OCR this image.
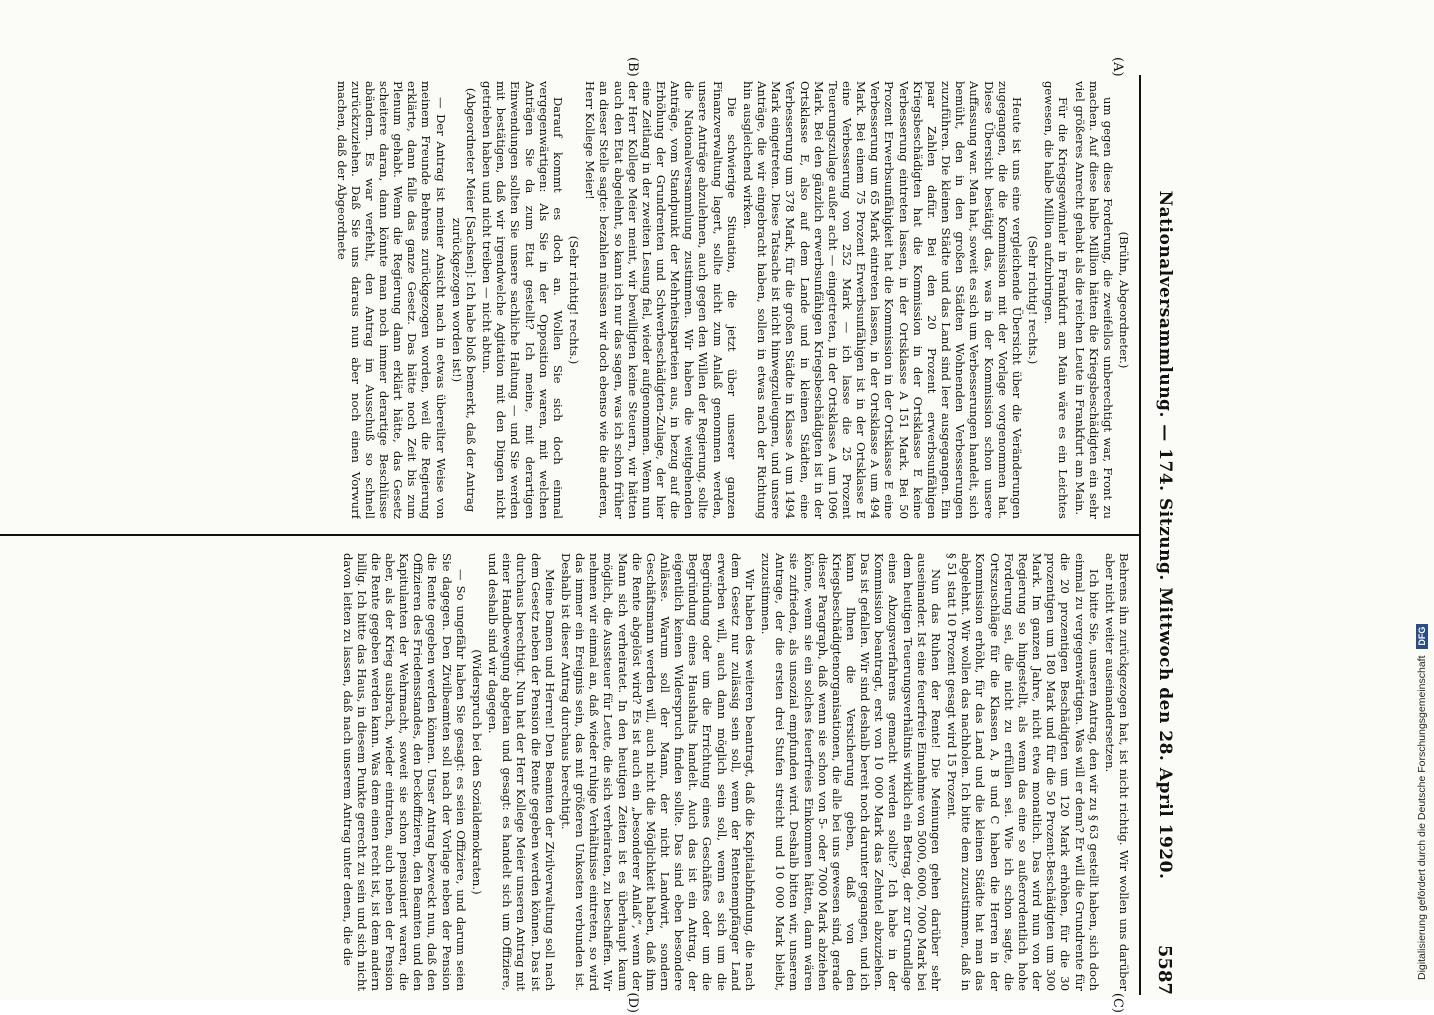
Nationalversammlung. — 174. Sitzung. Mittwoch den 28. April 1920.
5587
(A)
(B)
(C)
(D)

(Brühn, Abgeordneter.)

um gegen diese Forderung, die zweifellos unberechtigt war, Front zu machen. Auf diese halbe Million hätten die Kriegsbeschädigten ein sehr viel größeres Anrecht gehabt als die reichen Leute in Frankfurt am Main.

Für die Kriegsgewinnler in Frankfurt am Main wäre es ein Leichtes gewesen, die halbe Million aufzubringen.

(Sehr richtig! rechts.)

Heute ist uns eine vergleichende Übersicht über die Veränderungen zugegangen, die die Kommission mit der Vorlage vorgenommen hat. Diese Übersicht bestätigt das, was in der Kommission schon unsere Auffassung war. Man hat, soweit es sich um Verbesserungen handelt, sich bemüht, den in den großen Städten Wohnenden Verbesserungen zuzuführen. Die kleinen Städte und das Land sind leer ausgegangen. Ein paar Zahlen dafür. Bei den 20 Prozent erwerbsunfähigen Kriegsbeschädigten hat die Kommission in der Ortsklasse E keine Verbesserung eintreten lassen, in der Ortsklasse A 151 Mark. Bei 50 Prozent Erwerbsunfähigkeit hat die Kommission in der Ortsklasse E eine Verbesserung um 65 Mark eintreten lassen, in der Ortsklasse A um 494 Mark. Bei einem 75 Prozent Erwerbsunfähigen ist in der Ortsklasse E eine Verbesserung von 252 Mark — ich lasse die 25 Prozent Teuerungszulage außer acht — eingetreten, in der Ortsklasse A um 1096 Mark. Bei den gänzlich erwerbsunfähigen Kriegsbeschädigten ist in der Ortsklasse E, also auf dem Lande und in kleinen Städten, eine Verbesserung um 378 Mark, für die großen Städte in Klasse A um 1494 Mark eingetreten. Diese Tatsache ist nicht hinwegzuleugnen, und unsere Anträge, die wir eingebracht haben, sollen in etwas nach der Richtung hin ausgleichend wirken.

Die schwierige Situation, die jetzt über unserer ganzen Finanzverwaltung lagert, sollte nicht zum Anlaß genommen werden, unsere Anträge abzulehnen, auch gegen den Willen der Regierung, sollte die Nationalversammlung zustimmen. Wir haben die weitgehenden Anträge, vom Standpunkt der Mehrheitsparteien aus, in bezug auf die Erhöhung der Grundrenten und Schwerbeschädigten-Zulage, der hier eine Zeitlang in der zweiten Lesung fiel, wieder aufgenommen. Wenn nun der Herr Kollege Meier meint, wir bewilligten keine Steuern, wir hätten auch den Etat abgelehnt, so kann ich nur das sagen, was ich schon früher an dieser Stelle sagte: bezahlen müssen wir doch ebenso wie die anderen, Herr Kollege Meier!

(Sehr richtig! rechts.)

Darauf kommt es doch an. Wollen Sie sich doch einmal vergegenwärtigen: Als Sie in der Opposition waren, mit welchen Anträgen Sie da zum Etat gestellt? Ich meine, mit derartigen Einwendungen sollten Sie unsere sachliche Haltung — und Sie werden mit bestätigen, daß wir irgendwelche Agitation mit den Dingen nicht getrieben haben und nicht treiben — nicht abtun.

(Abgeordneter Meier [Sachsen]: Ich habe bloß bemerkt, daß der Antrag zurückgezogen worden ist!)

— Der Antrag ist meiner Ansicht nach in etwas übereilter Weise von meinem Freunde Behrens zurückgezogen worden, weil die Regierung erklärte, dann falle das ganze Gesetz. Das hätte noch Zeit bis zum Plenum gehabt. Wenn die Regierung dann erklärt hätte, das Gesetz scheitere daran, dann könnte man noch immer derartige Beschlüsse abändern. Es war verfehlt, den Antrag im Ausschuß so schnell zurückzuziehen. Daß Sie uns daraus nun aber noch einen Vorwurf machen, daß der Abgeordnete

Behrens ihn zurückgezogen hat, ist nicht richtig. Wir wollen uns darüber aber nicht weiter auseinandersetzen.

Ich bitte Sie, unseren Antrag, den wir zu § 63 gestellt haben, sich doch einmal zu vergegenwärtigen. Was will er denn? Er will die Grundrente für die 20 prozentigen Beschädigten um 120 Mark erhöhen, für die 30 prozentigen um 180 Mark und für die 50 Prozent-Beschädigten um 300 Mark. Im ganzen Jahre, nicht etwa monatlich. Das wird nun von der Regierung so hingestellt, als wenn das eine so außerordentlich hohe Forderung sei, die nicht zu erfüllen sei. Wie ich schon sagte, die Ortszuschläge für die Klassen A, B und C haben die Herren in der Kommission erhöht, für das Land und die kleinen Städte hat man das abgelehnt. Wir wollen das nachholen. Ich bitte dem zuzustimmen, daß in § 51 statt 10 Prozent gesagt wird 15 Prozent.

Nun das Ruhen der Rente! Die Meinungen gehen darüber sehr auseinander. Ist eine feuerfreie Einnahme von 5000, 6000, 7000 Mark bei dem heutigen Teuerungsverhältnis wirklich ein Betrag, der zur Grundlage eines Abzugsverfahrens gemacht werden sollte? Ich habe in der Kommission beantragt, erst von 10 000 Mark das Zehntel abzuziehen. Das ist gefallen. Wir sind deshalb bereit noch darunter gegangen, und ich kann Ihnen die Versicherung geben, daß von den Kriegsbeschädigtenorganisationen, die alle bei uns gewesen sind, gerade dieser Paragraph, daß wenn sie schon von 5- oder 7000 Mark abziehen könne, wenn sie ein solches feuerfreies Einkommen hätten, dann wären sie zufrieden, als unsozial empfunden wird. Deshalb bitten wir, unserem Antrage, der die ersten drei Stufen streicht und 10 000 Mark bleibt, zuzustimmen.

Wir haben des weiteren beantragt, daß die Kapitalabfindung, die nach dem Gesetz nur zulässig sein soll, wenn der Rentenempfänger Land erwerben will, auch dann möglich sein soll, wenn es sich um die Begründung oder um die Errichtung eines Geschäftes oder um die Begründung eines Haushalts handelt. Auch das ist ein Antrag, der eigentlich keinen Widerspruch finden sollte. Das sind eben besondere Anlässe. Warum soll der Mann, der nicht Landwirt, sondern Geschäftsmann werden will, auch nicht die Möglichkeit haben, daß ihm die Rente abgelöst wird? Es ist auch ein „besonderer Anlaß“, wenn der Mann sich verheiratet. In den heutigen Zeiten ist es überhaupt kaum möglich, die Aussteuer für Leute, die sich verheiraten, zu beschaffen. Wir nehmen wir einmal an, daß wieder ruhige Verhältnisse eintreten, so wird das immer ein Ereignis sein, das mit größeren Unkosten verbunden ist. Deshalb ist dieser Antrag durchaus berechtigt.

Meine Damen und Herren! Den Beamten der Zivilverwaltung soll nach dem Gesetz neben der Pension die Rente gegeben werden können. Das ist durchaus berechtigt. Nun hat der Herr Kollege Meier unseren Antrag mit einer Handbewegung abgetan und gesagt: es handelt sich um Offiziere, und deshalb sind wir dagegen.

(Widerspruch bei den Sozialdemokraten.)

— So ungefähr haben Sie gesagt: es seien Offiziere, und darum seien Sie dagegen. Den Zivilbeamten soll nach der Vorlage neben der Pension die Rente gegeben werden können. Unser Antrag bezweckt nun, daß den Offizieren des Friedensstandes, den Deckoffizieren, den Beamten und den Kapitulanten der Wehrmacht, soweit sie schon pensioniert waren, die aber, als der Krieg ausbrach, wieder eintraten, auch neben der Pension die Rente gegeben werden kann. Was dem einen recht ist, ist dem andern billig. Ich bitte das Haus, in diesem Punkte gerecht zu sein und sich nicht davon leiten zu lassen, daß nach unserem Antrag unter denen, die die	Digitalisierung gefördert durch die Deutsche Forschungsgemeinschaft DFG
